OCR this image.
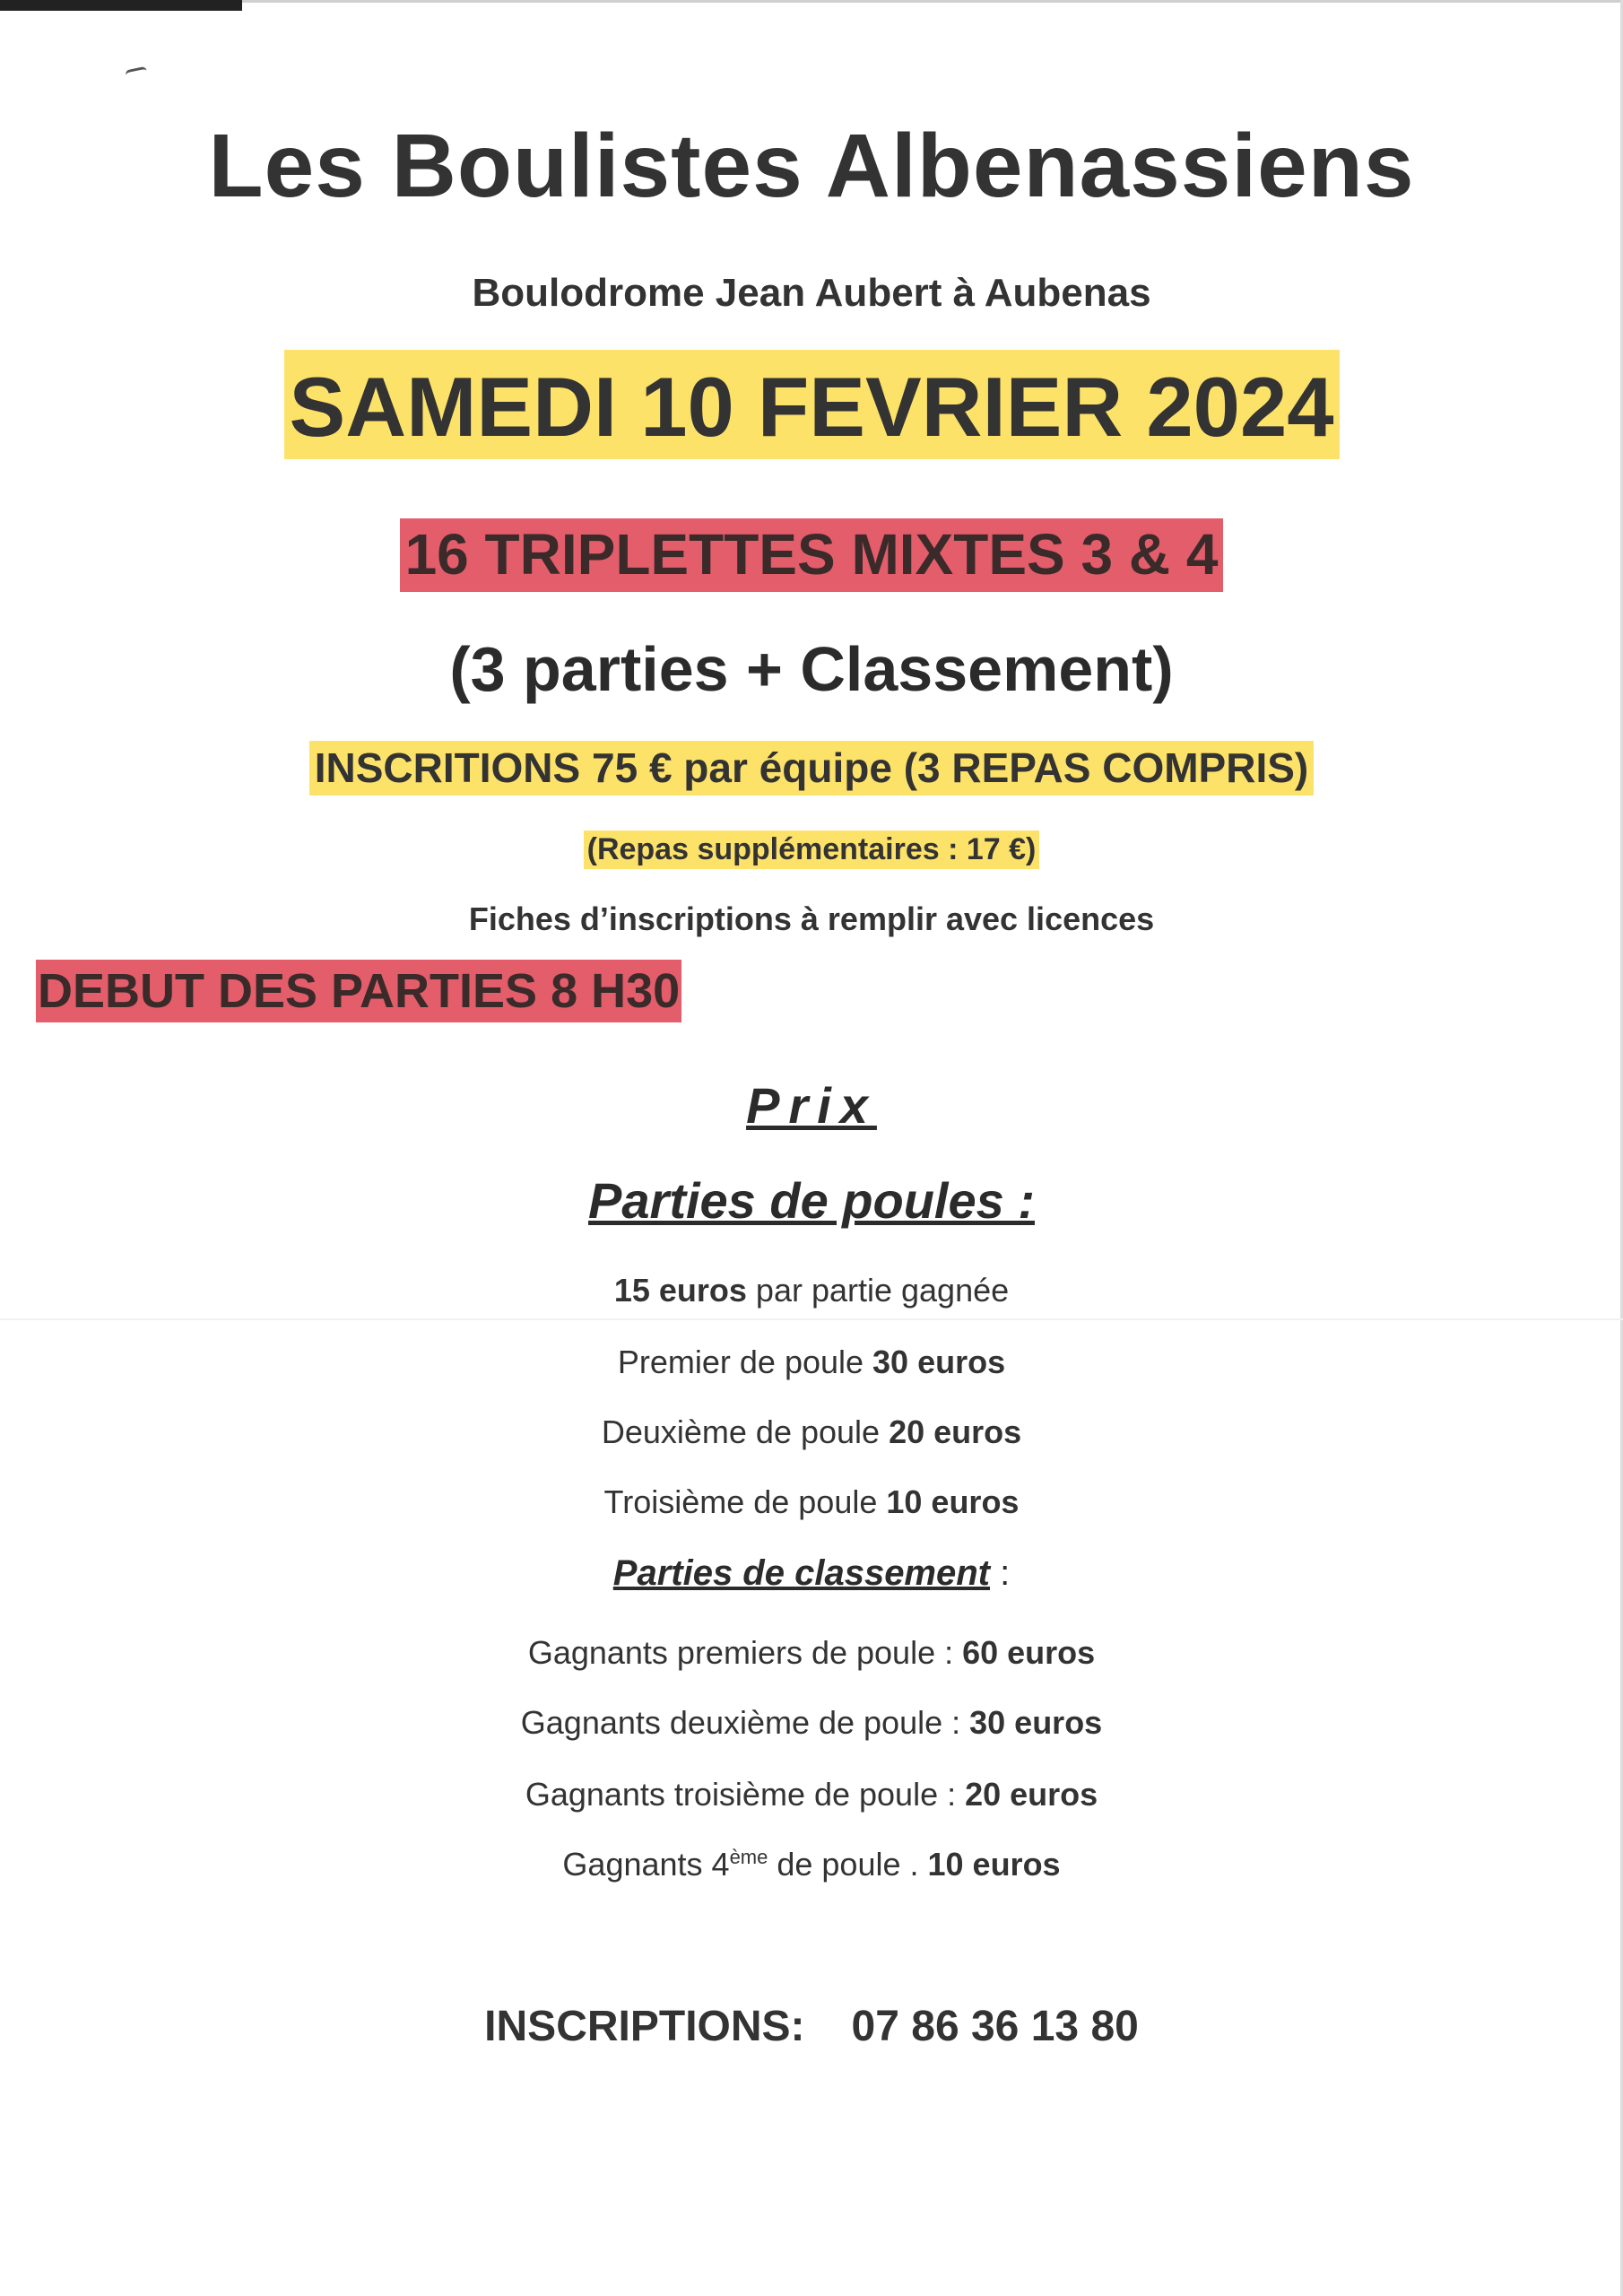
Les Boulistes Albenassiens
Boulodrome Jean Aubert à Aubenas
SAMEDI 10 FEVRIER 2024
16 TRIPLETTES MIXTES 3 & 4
(3 parties + Classement)
INSCRITIONS 75 € par équipe (3 REPAS COMPRIS)
(Repas supplémentaires : 17 €)
Fiches d’inscriptions à remplir avec licences
DEBUT DES PARTIES 8 H30
Prix
Parties de poules :
15 euros par partie gagnée
Premier de poule 30 euros
Deuxième de poule 20 euros
Troisième de poule 10 euros
Parties de classement :
Gagnants premiers de poule : 60 euros
Gagnants deuxième de poule : 30 euros
Gagnants troisième de poule : 20 euros
Gagnants 4ème de poule . 10 euros
INSCRIPTIONS: 07 86 36 13 80
